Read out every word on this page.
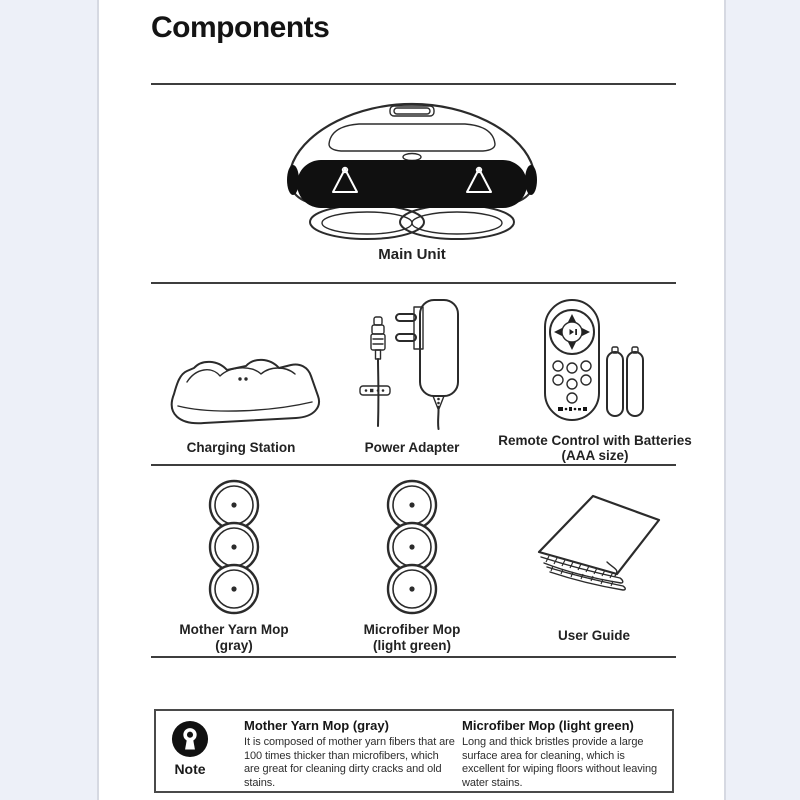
Components
Main Unit
Charging Station	Power Adapter	Remote Control with Batteries
(AAA size)
Mother Yarn Mop
(gray)
Microfiber Mop
(light green)
User Guide
Note
Mother Yarn Mop (gray)
It is composed of mother yarn fibers that are 100 times thicker than microfibers, which are great for cleaning dirty cracks and old stains.
Microfiber Mop (light green)
Long and thick bristles provide a large surface area for cleaning, which is excellent for wiping floors without leaving water stains.
